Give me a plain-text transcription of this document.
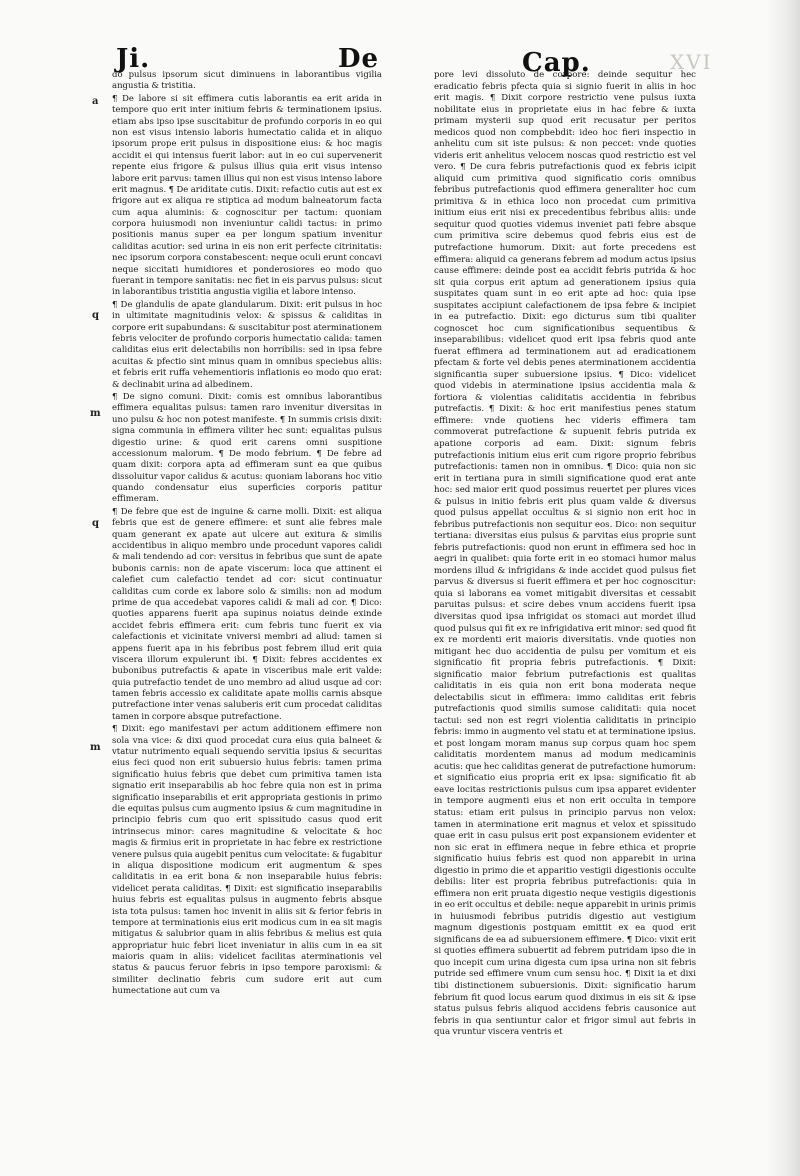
Ji.	De	Cap.	XVI
a
q
m
q
m

do pulsus ipsorum sicut diminuens in laborantibus vigilia angustia & tristitia.

¶ De labore si sit effimera cutis laborantis ea erit arida in tempore quo erit inter initium febris & terminationem ipsius. etiam abs ipso ipse suscitabitur de profundo corporis in eo qui non est visus intensio laboris humectatio calida et in aliquo ipsorum prope erit pulsus in dispositione eius: & hoc magis accidit ei qui intensus fuerit labor: aut in eo cui supervenerit repente eius frigore & pulsus illius quia erit visus intenso labore erit parvus: tamen illius qui non est visus intenso labore erit magnus. ¶ De ariditate cutis. Dixit: refactio cutis aut est ex frigore aut ex aliqua re stiptica ad modum balneatorum facta cum aqua aluminis: & cognoscitur per tactum: quoniam corpora huiusmodi non inveniuntur calidi tactus: in primo positionis manus super ea per longum spatium invenitur caliditas acutior: sed urina in eis non erit perfecte citrinitatis: nec ipsorum corpora constabescent: neque oculi erunt concavi neque siccitati humidiores et ponderosiores eo modo quo fuerant in tempore sanitatis: nec fiet in eis parvus pulsus: sicut in laborantibus tristitia angustia vigilia et labore intenso.

¶ De glandulis de apate glandularum. Dixit: erit pulsus in hoc in ultimitate magnitudinis velox: & spissus & caliditas in corpore erit supabundans: & suscitabitur post aterminationem febris velociter de profundo corporis humectatio calida: tamen caliditas eius erit delectabilis non horribilis: sed in ipsa febre acuitas & pfectio sint minus quam in omnibus speciebus aliis: et febris erit ruffa vehementioris inflationis eo modo quo erat: & declinabit urina ad albedinem.

¶ De signo comuni. Dixit: comis est omnibus laborantibus effimera equalitas pulsus: tamen raro invenitur diversitas in uno pulsu & hoc non potest manifeste. ¶ In summis crisis dixit: signa communia in effimera viliter hec sunt: equalitas pulsus digestio urine: & quod erit carens omni suspitione accessionum malorum. ¶ De modo febrium. ¶ De febre ad quam dixit: corpora apta ad effimeram sunt ea que quibus dissoluitur vapor calidus & acutus: quoniam laborans hoc vitio quando condensatur eius superficies corporis patitur effimeram.

¶ De febre que est de inguine & carne molli. Dixit: est aliqua febris que est de genere effimere: et sunt alie febres male quam generant ex apate aut ulcere aut exitura & similis accidentibus in aliquo membro unde procedunt vapores calidi & mali tendendo ad cor: versitus in febribus que sunt de apate bubonis carnis: non de apate viscerum: loca que attinent ei calefiet cum calefactio tendet ad cor: sicut continuatur caliditas cum corde ex labore solo & similis: non ad modum prime de qua accedebat vapores calidi & mali ad cor. ¶ Dico: quoties apparens fuerit apa supinus noiatus deinde exinde accidet febris effimera erit: cum febris tunc fuerit ex via calefactionis et vicinitate vniversi membri ad aliud: tamen si appens fuerit apa in his febribus post febrem illud erit quia viscera illorum expulerunt ibi. ¶ Dixit: febres accidentes ex bubonibus putrefactis & apate in visceribus male erit valde: quia putrefactio tendet de uno membro ad aliud usque ad cor: tamen febris accessio ex caliditate apate mollis carnis absque putrefactione inter venas saluberis erit cum procedat caliditas tamen in corpore absque putrefactione.

¶ Dixit: ego manifestavi per actum additionem effimere non sola vna vice: & dixi quod procedat cura eius quia balneet & vtatur nutrimento equali sequendo servitia ipsius & securitas eius feci quod non erit subuersio huius febris: tamen prima significatio huius febris que debet cum primitiva tamen ista signatio erit inseparabilis ab hoc febre quia non est in prima significatio inseparabilis et erit appropriata gestionis in primo die equitas pulsus cum augmento ipsius & cum magnitudine in principio febris cum quo erit spissitudo casus quod erit intrinsecus minor: cares magnitudine & velocitate & hoc magis & firmius erit in proprietate in hac febre ex restrictione venere pulsus quia augebit penitus cum velocitate: & fugabitur in aliqua dispositione modicum erit augmentum & spes caliditatis in ea erit bona & non inseparabile huius febris: videlicet perata caliditas. ¶ Dixit: est significatio inseparabilis huius febris est equalitas pulsus in augmento febris absque ista tota pulsus: tamen hoc invenit in aliis sit & ferior febris in tempore at terminationis eius erit modicus cum in ea sit magis mitigatus & salubrior quam in aliis febribus & melius est quia appropriatur huic febri licet inveniatur in aliis cum in ea sit maioris quam in aliis: videlicet facilitas aterminationis vel status & paucus feruor febris in ipso tempore paroxismi: & similiter declinatio febris cum sudore erit aut cum humectatione aut cum va

pore levi dissoluto de corpore: deinde sequitur hec eradicatio febris pfecta quia si signio fuerit in aliis in hoc erit magis. ¶ Dixit corpore restrictio vene pulsus iuxta nobilitate eius in proprietate eius in hac febre & iuxta primam mysterii sup quod erit recusatur per peritos medicos quod non compbebdit: ideo hoc fieri inspectio in anhelitu cum sit iste pulsus: & non peccet: vnde quoties videris erit anhelitus velocem noscas quod restrictio est vel vero. ¶ De cura febris putrefactionis quod ex febris icipit aliquid cum primitiva quod significatio coris omnibus febribus putrefactionis quod effimera generaliter hoc cum primitiva & in ethica loco non procedat cum primitiva initium eius erit nisi ex precedentibus febribus aliis: unde sequitur quod quoties videmus inveniet pati febre absque cum primitiva scire debemus quod febris eius est de putrefactione humorum. Dixit: aut forte precedens est effimera: aliquid ca generans febrem ad modum actus ipsius cause effimere: deinde post ea accidit febris putrida & hoc sit quia corpus erit aptum ad generationem ipsius quia suspitates quam sunt in eo erit apte ad hoc: quia ipse suspitates accipiunt calefactionem de ipsa febre & incipiet in ea putrefactio. Dixit: ego dicturus sum tibi qualiter cognoscet hoc cum significationibus sequentibus & inseparabilibus: videlicet quod erit ipsa febris quod ante fuerat effimera ad terminationem aut ad eradicationem pfectam & forte vel debis penes aterminationem accidentia significantia super subuersione ipsius. ¶ Dico: videlicet quod videbis in aterminatione ipsius accidentia mala & fortiora & violentias caliditatis accidentia in febribus putrefactis. ¶ Dixit: & hoc erit manifestius penes statum effimere: vnde quotiens hec videris effimera tam commoverat putrefactione & supuenit febris putrida ex apatione corporis ad eam. Dixit: signum febris putrefactionis initium eius erit cum rigore proprio febribus putrefactionis: tamen non in omnibus. ¶ Dico: quia non sic erit in tertiana pura in simili significatione quod erat ante hoc: sed maior erit quod possimus reuertet per plures vices & pulsus in initio febris erit plus quam valde & diversus quod pulsus appellat occultus & si signio non erit hoc in febribus putrefactionis non sequitur eos. Dico: non sequitur tertiana: diversitas eius pulsus & parvitas eius proprie sunt febris putrefactionis: quod non erunt in effimera sed hoc in aegri in qualibet: quia forte erit in eo stomaci humor malus mordens illud & infrigidans & inde accidet quod pulsus fiet parvus & diversus si fuerit effimera et per hoc cognoscitur: quia si laborans ea vomet mitigabit diversitas et cessabit paruitas pulsus: et scire debes vnum accidens fuerit ipsa diversitas quod ipsa infrigidat os stomaci aut mordet illud quod pulsus qui fit ex re infrigidativa erit minor: sed quod fit ex re mordenti erit maioris diversitatis. vnde quoties non mitigant hec duo accidentia de pulsu per vomitum et eis significatio fit propria febris putrefactionis. ¶ Dixit: significatio maior febrium putrefactionis est qualitas caliditatis in eis quia non erit bona moderata neque delectabilis sicut in effimera: immo caliditas erit febris putrefactionis quod similis sumose caliditati: quia nocet tactui: sed non est regri violentia caliditatis in principio febris: immo in augmento vel statu et at terminatione ipsius. et post longam moram manus sup corpus quam hoc spem caliditatis mordentem manus ad modum medicaminis acutis: que hec caliditas generat de putrefactione humorum: et significatio eius propria erit ex ipsa: significatio fit ab eave locitas restrictionis pulsus cum ipsa apparet evidenter in tempore augmenti eius et non erit occulta in tempore status: etiam erit pulsus in principio parvus non velox: tamen in aterminatione erit magnus et velox et spissitudo quae erit in casu pulsus erit post expansionem evidenter et non sic erat in effimera neque in febre ethica et proprie significatio huius febris est quod non apparebit in urina digestio in primo die et apparitio vestigii digestionis occulte debilis: liter est propria febribus putrefactionis: quia in effimera non erit pruata digestio neque vestigiis digestionis in eo erit occultus et debile: neque apparebit in urinis primis in huiusmodi febribus putridis digestio aut vestigium magnum digestionis postquam emittit ex ea quod erit significans de ea ad subuersionem effimere. ¶ Dico: vixit erit si quoties effimera subuertit ad febrem putridam ipso die in quo incepit cum urina digesta cum ipsa urina non sit febris putride sed effimere vnum cum sensu hoc. ¶ Dixit ia et dixi tibi distinctionem subuersionis. Dixit: significatio harum febrium fit quod locus earum quod diximus in eis sit & ipse status pulsus febris aliquod accidens febris causonice aut febris in qua sentiuntur calor et frigor simul aut febris in qua vruntur viscera ventris et
